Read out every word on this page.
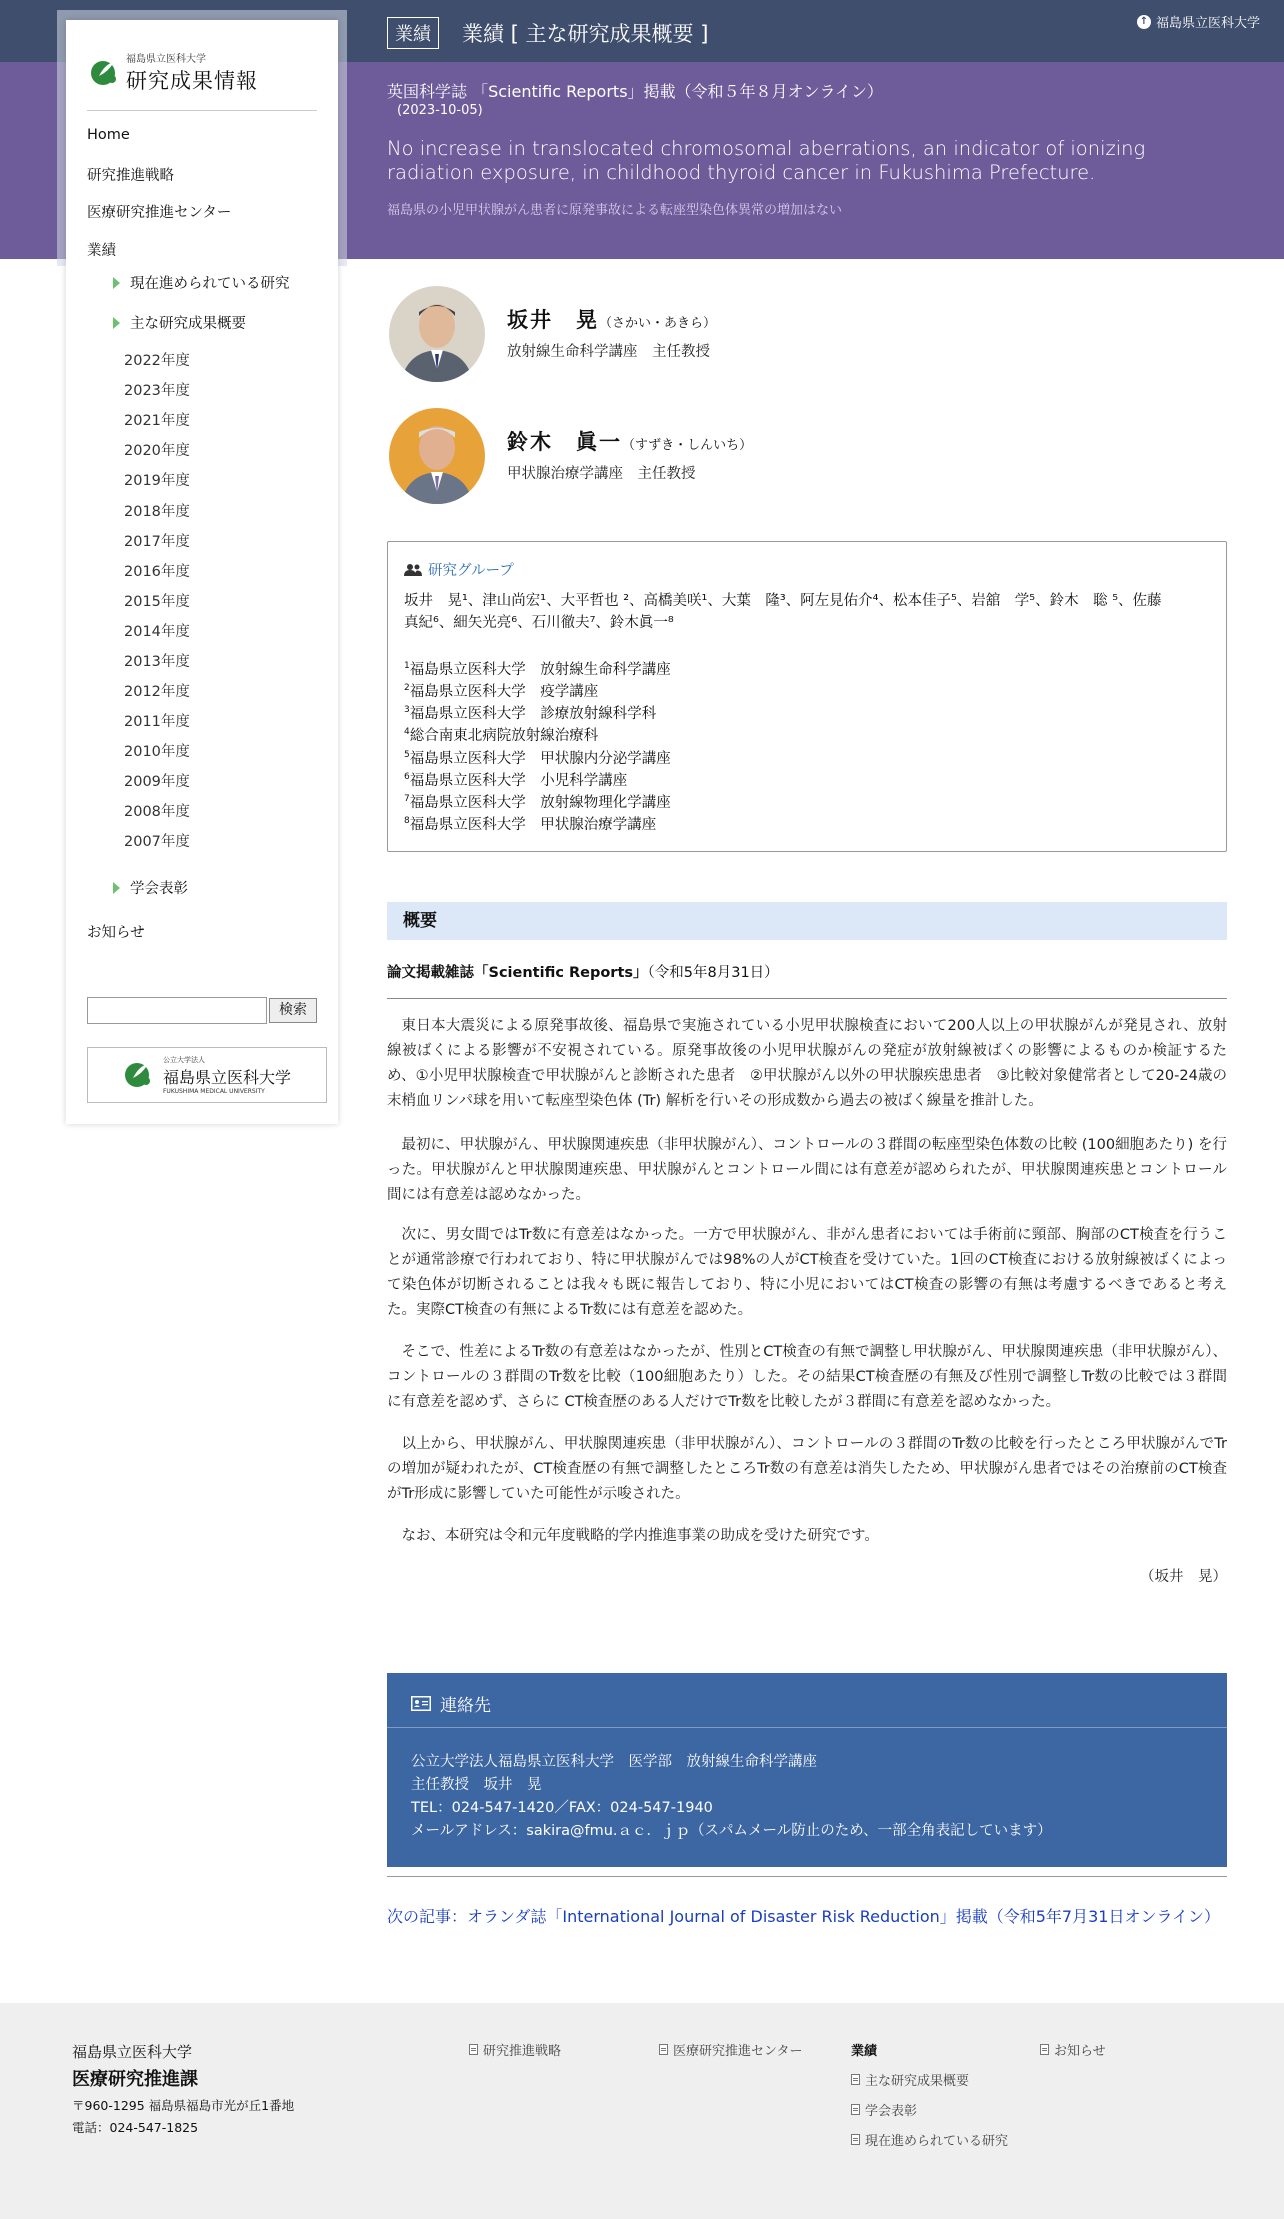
業績	業績 [ 主な研究成果概要 ]
↑ 福島県立医科大学
英国科学誌 「Scientific Reports」掲載（令和５年８月オンライン）
(2023-10-05)
No increase in translocated chromosomal aberrations, an indicator of ionizing radiation exposure, in childhood thyroid cancer in Fukushima Prefecture.
福島県の小児甲状腺がん患者に原発事故による転座型染色体異常の増加はない
福島県立医科大学
研究成果情報
Home
研究推進戦略
医療研究推進センター
業績
現在進められている研究
主な研究成果概要
2022年度
2023年度
2021年度
2020年度
2019年度
2018年度
2017年度
2016年度
2015年度
2014年度
2013年度
2012年度
2011年度
2010年度
2009年度
2008年度
2007年度
学会表彰
お知らせ
検索
公立大学法人
福島県立医科大学
FUKUSHIMA MEDICAL UNIVERSITY
坂井　晃（さかい・あきら）
放射線生命科学講座　主任教授
鈴木　眞一（すずき・しんいち）
甲状腺治療学講座　主任教授
研究グループ
坂井　晃¹、津山尚宏¹、大平哲也 ²、高橋美咲¹、大葉　隆³、阿左見佑介⁴、松本佳子⁵、岩舘　学⁵、鈴木　聡 ⁵、佐藤
真紀⁶、細矢光亮⁶、石川徹夫⁷、鈴木眞一⁸
$^1$福島県立医科大学　放射線生命科学講座
$^2$福島県立医科大学　疫学講座
$^3$福島県立医科大学　診療放射線科学科
$^4$総合南東北病院放射線治療科
$^5$福島県立医科大学　甲状腺内分泌学講座
$^6$福島県立医科大学　小児科学講座
$^7$福島県立医科大学　放射線物理化学講座
$^8$福島県立医科大学　甲状腺治療学講座
概要
論文掲載雑誌「Scientific Reports」（令和5年8月31日）
東日本大震災による原発事故後、福島県で実施されている小児甲状腺検査において200人以上の甲状腺がんが発見され、放射線被ばくによる影響が不安視されている。原発事故後の小児甲状腺がんの発症が放射線被ばくの影響によるものか検証するため、①小児甲状腺検査で甲状腺がんと診断された患者　②甲状腺がん以外の甲状腺疾患患者　③比較対象健常者として20-24歳の末梢血リンパ球を用いて転座型染色体 (Tr) 解析を行いその形成数から過去の被ばく線量を推計した。
最初に、甲状腺がん、甲状腺関連疾患（非甲状腺がん）、コントロールの３群間の転座型染色体数の比較 (100細胞あたり) を行った。甲状腺がんと甲状腺関連疾患、甲状腺がんとコントロール間には有意差が認められたが、甲状腺関連疾患とコントロール間には有意差は認めなかった。
次に、男女間ではTr数に有意差はなかった。一方で甲状腺がん、非がん患者においては手術前に頸部、胸部のCT検査を行うことが通常診療で行われており、特に甲状腺がんでは98%の人がCT検査を受けていた。1回のCT検査における放射線被ばくによって染色体が切断されることは我々も既に報告しており、特に小児においてはCT検査の影響の有無は考慮するべきであると考えた。実際CT検査の有無によるTr数には有意差を認めた。
そこで、性差によるTr数の有意差はなかったが、性別とCT検査の有無で調整し甲状腺がん、甲状腺関連疾患（非甲状腺がん）、コントロールの３群間のTr数を比較（100細胞あたり）した。その結果CT検査歴の有無及び性別で調整しTr数の比較では３群間に有意差を認めず、さらに CT検査歴のある人だけでTr数を比較したが３群間に有意差を認めなかった。
以上から、甲状腺がん、甲状腺関連疾患（非甲状腺がん）、コントロールの３群間のTr数の比較を行ったところ甲状腺がんでTrの増加が疑われたが、CT検査歴の有無で調整したところTr数の有意差は消失したため、甲状腺がん患者ではその治療前のCT検査がTr形成に影響していた可能性が示唆された。
なお、本研究は令和元年度戦略的学内推進事業の助成を受けた研究です。
（坂井　晃）
連絡先
公立大学法人福島県立医科大学　医学部　放射線生命科学講座
主任教授　坂井　晃
TEL：024-547-1420／FAX：024-547-1940
メールアドレス：sakira@fmu.ａｃ．ｊｐ（スパムメール防止のため、一部全角表記しています）
次の記事：オランダ誌「International Journal of Disaster Risk Reduction」掲載（令和5年7月31日オンライン）
福島県立医科大学
医療研究推進課
〒960-1295 福島県福島市光が丘1番地
電話：024-547-1825
研究推進戦略	医療研究推進センター	業績	お知らせ
主な研究成果概要
学会表彰
現在進められている研究
